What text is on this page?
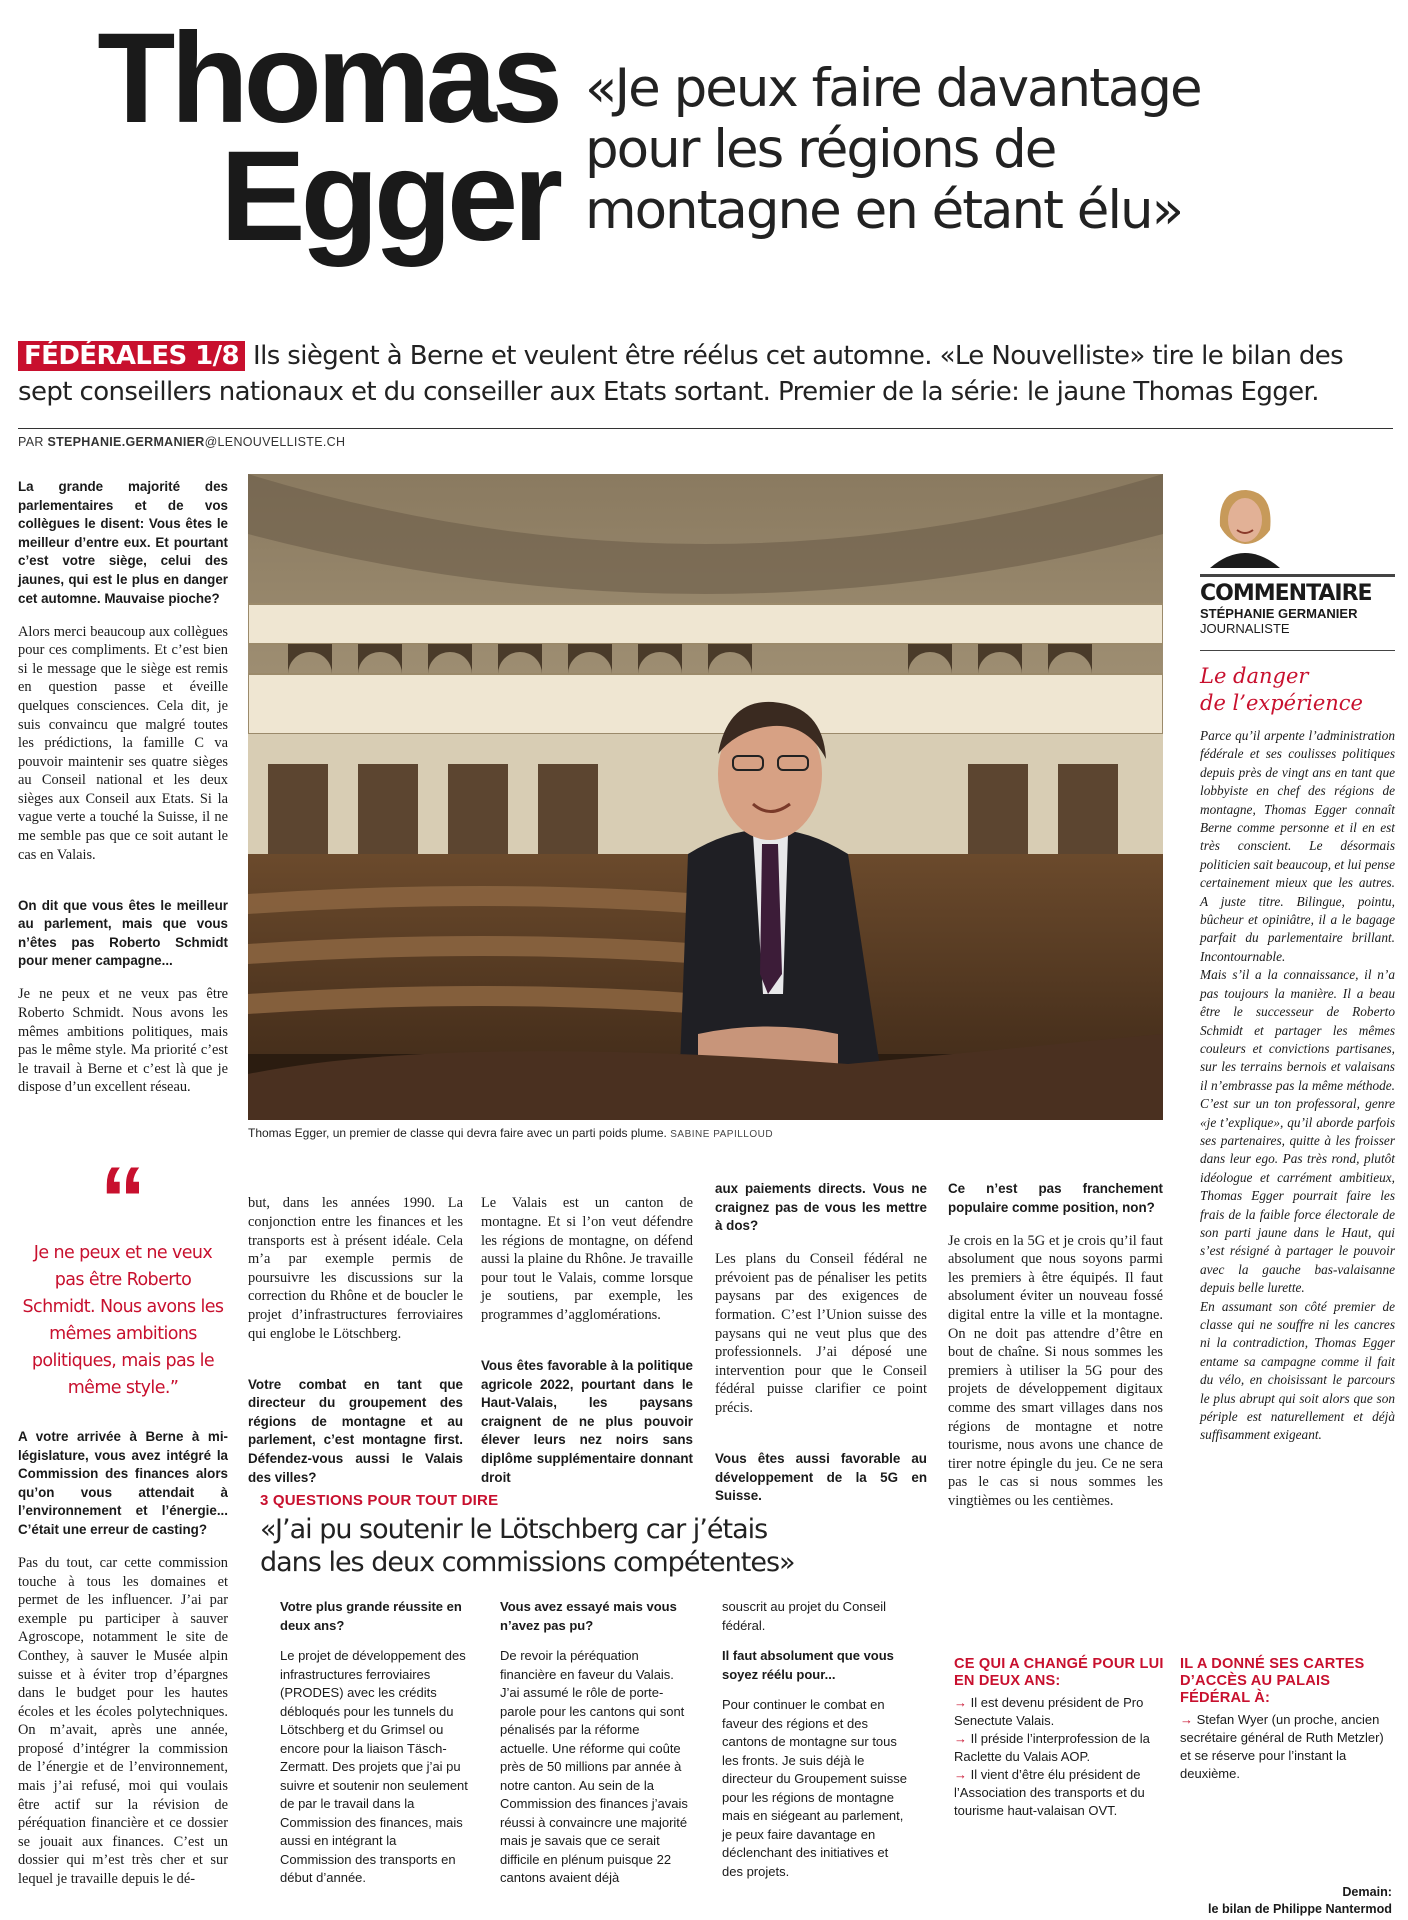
Thomas
Egger
«Je peux faire davantage
pour les régions de
montagne en étant élu»
FÉDÉRALES 1/8 Ils siègent à Berne et veulent être réélus cet automne. «Le Nouvelliste» tire le bilan des sept conseillers nationaux et du conseiller aux Etats sortant. Premier de la série: le jaune Thomas Egger.
PAR STEPHANIE.GERMANIER@LENOUVELLISTE.CH
Thomas Egger, un premier de classe qui devra faire avec un parti poids plume. SABINE PAPILLOUD

La grande majorité des parlementaires et de vos collègues le disent: Vous êtes le meilleur d’entre eux. Et pourtant c’est votre siège, celui des jaunes, qui est le plus en danger cet automne. Mauvaise pioche?

Alors merci beaucoup aux collègues pour ces compliments. Et c’est bien si le message que le siège est remis en question passe et éveille quelques consciences. Cela dit, je suis convaincu que malgré toutes les prédictions, la famille C va pouvoir maintenir ses quatre sièges au Conseil national et les deux sièges aux Conseil aux Etats. Si la vague verte a touché la Suisse, il ne me semble pas que ce soit autant le cas en Valais.

On dit que vous êtes le meilleur au parlement, mais que vous n’êtes pas Roberto Schmidt pour mener campagne...

Je ne peux et ne veux pas être Roberto Schmidt. Nous avons les mêmes ambitions politiques, mais pas le même style. Ma priorité c’est le travail à Berne et c’est là que je dispose d’un excellent réseau.

“
Je ne peux et ne veux pas être Roberto Schmidt. Nous avons les mêmes ambitions politiques, mais pas le même style.”

A votre arrivée à Berne à mi-législature, vous avez intégré la Commission des finances alors qu’on vous attendait à l’environnement et l’énergie... C’était une erreur de casting?

Pas du tout, car cette commission touche à tous les domaines et permet de les influencer. J’ai par exemple pu participer à sauver Agroscope, notamment le site de Conthey, à sauver le Musée alpin suisse et à éviter trop d’épargnes dans le budget pour les hautes écoles et les écoles polytechniques. On m’avait, après une année, proposé d’intégrer la commission de l’énergie et de l’environnement, mais j’ai refusé, moi qui voulais être actif sur la révision de péréquation financière et ce dossier se jouait aux finances. C’est un dossier qui m’est très cher et sur lequel je travaille depuis le dé-

but, dans les années 1990. La conjonction entre les finances et les transports est à présent idéale. Cela m’a par exemple permis de poursuivre les discussions sur la correction du Rhône et de boucler le projet d’infrastructures ferroviaires qui englobe le Lötschberg.

Votre combat en tant que directeur du groupement des régions de montagne et au parlement, c’est montagne first. Défendez-vous aussi le Valais des villes?

Le Valais est un canton de montagne. Et si l’on veut défendre les régions de montagne, on défend aussi la plaine du Rhône. Je travaille pour tout le Valais, comme lorsque je soutiens, par exemple, les programmes d’agglomérations.

Vous êtes favorable à la politique agricole 2022, pourtant dans le Haut-Valais, les paysans craignent de ne plus pouvoir élever leurs nez noirs sans diplôme supplémentaire donnant droit

aux paiements directs. Vous ne craignez pas de vous les mettre à dos?

Les plans du Conseil fédéral ne prévoient pas de pénaliser les petits paysans par des exigences de formation. C’est l’Union suisse des paysans qui ne veut plus que des professionnels. J’ai déposé une intervention pour que le Conseil fédéral puisse clarifier ce point précis.

Vous êtes aussi favorable au développement de la 5G en Suisse.

Ce n’est pas franchement populaire comme position, non?

Je crois en la 5G et je crois qu’il faut absolument que nous soyons parmi les premiers à être équipés. Il faut absolument éviter un nouveau fossé digital entre la ville et la montagne. On ne doit pas attendre d’être en bout de chaîne. Si nous sommes les premiers à utiliser la 5G pour des projets de développement digitaux comme des smart villages dans nos régions de montagne et notre tourisme, nous avons une chance de tirer notre épingle du jeu. Ce ne sera pas le cas si nous sommes les vingtièmes ou les centièmes.

COMMENTAIRE
STÉPHANIE GERMANIER
JOURNALISTE
Le danger
de l’expérience

Parce qu’il arpente l’administration fédérale et ses coulisses politiques depuis près de vingt ans en tant que lobbyiste en chef des régions de montagne, Thomas Egger connaît Berne comme personne et il en est très conscient. Le désormais politicien sait beaucoup, et lui pense certainement mieux que les autres. A juste titre. Bilingue, pointu, bûcheur et opiniâtre, il a le bagage parfait du parlementaire brillant. Incontournable.

Mais s’il a la connaissance, il n’a pas toujours la manière. Il a beau être le successeur de Roberto Schmidt et partager les mêmes couleurs et convictions partisanes, sur les terrains bernois et valaisans il n’embrasse pas la même méthode. C’est sur un ton professoral, genre «je t’explique», qu’il aborde parfois ses partenaires, quitte à les froisser dans leur ego. Pas très rond, plutôt idéologue et carrément ambitieux, Thomas Egger pourrait faire les frais de la faible force électorale de son parti jaune dans le Haut, qui s’est résigné à partager le pouvoir avec la gauche bas-valaisanne depuis belle lurette.

En assumant son côté premier de classe qui ne souffre ni les cancres ni la contradiction, Thomas Egger entame sa campagne comme il fait du vélo, en choisissant le parcours le plus abrupt qui soit alors que son périple est naturellement et déjà suffisamment exigeant.

3 QUESTIONS POUR TOUT DIRE
«J’ai pu soutenir le Lötschberg car j’étais
dans les deux commissions compétentes»

Votre plus grande réussite en deux ans?

Le projet de développement des infrastructures ferroviaires (PRODES) avec les crédits débloqués pour les tunnels du Lötschberg et du Grimsel ou encore pour la liaison Täsch-Zermatt. Des projets que j’ai pu suivre et soutenir non seulement de par le travail dans la Commission des finances, mais aussi en intégrant la Commission des transports en début d’année.

Vous avez essayé mais vous n’avez pas pu?

De revoir la péréquation financière en faveur du Valais. J’ai assumé le rôle de porte-parole pour les cantons qui sont pénalisés par la réforme actuelle. Une réforme qui coûte près de 50 millions par année à notre canton. Au sein de la Commission des finances j’avais réussi à convaincre une majorité mais je savais que ce serait difficile en plénum puisque 22 cantons avaient déjà

souscrit au projet du Conseil fédéral.

Il faut absolument que vous soyez réélu pour...

Pour continuer le combat en faveur des régions et des cantons de montagne sur tous les fronts. Je suis déjà le directeur du Groupement suisse pour les régions de montagne mais en siégeant au parlement, je peux faire davantage en déclenchant des initiatives et des projets.

CE QUI A CHANGÉ POUR LUI EN DEUX ANS:
→ Il est devenu président de Pro Senectute Valais.
→ Il préside l’interprofession de la Raclette du Valais AOP.
→ Il vient d’être élu président de l’Association des transports et du tourisme haut-valaisan OVT.
IL A DONNÉ SES CARTES D’ACCÈS AU PALAIS FÉDÉRAL À:
→ Stefan Wyer (un proche, ancien secrétaire général de Ruth Metzler) et se réserve pour l’instant la deuxième.
Demain:
le bilan de Philippe Nantermod
